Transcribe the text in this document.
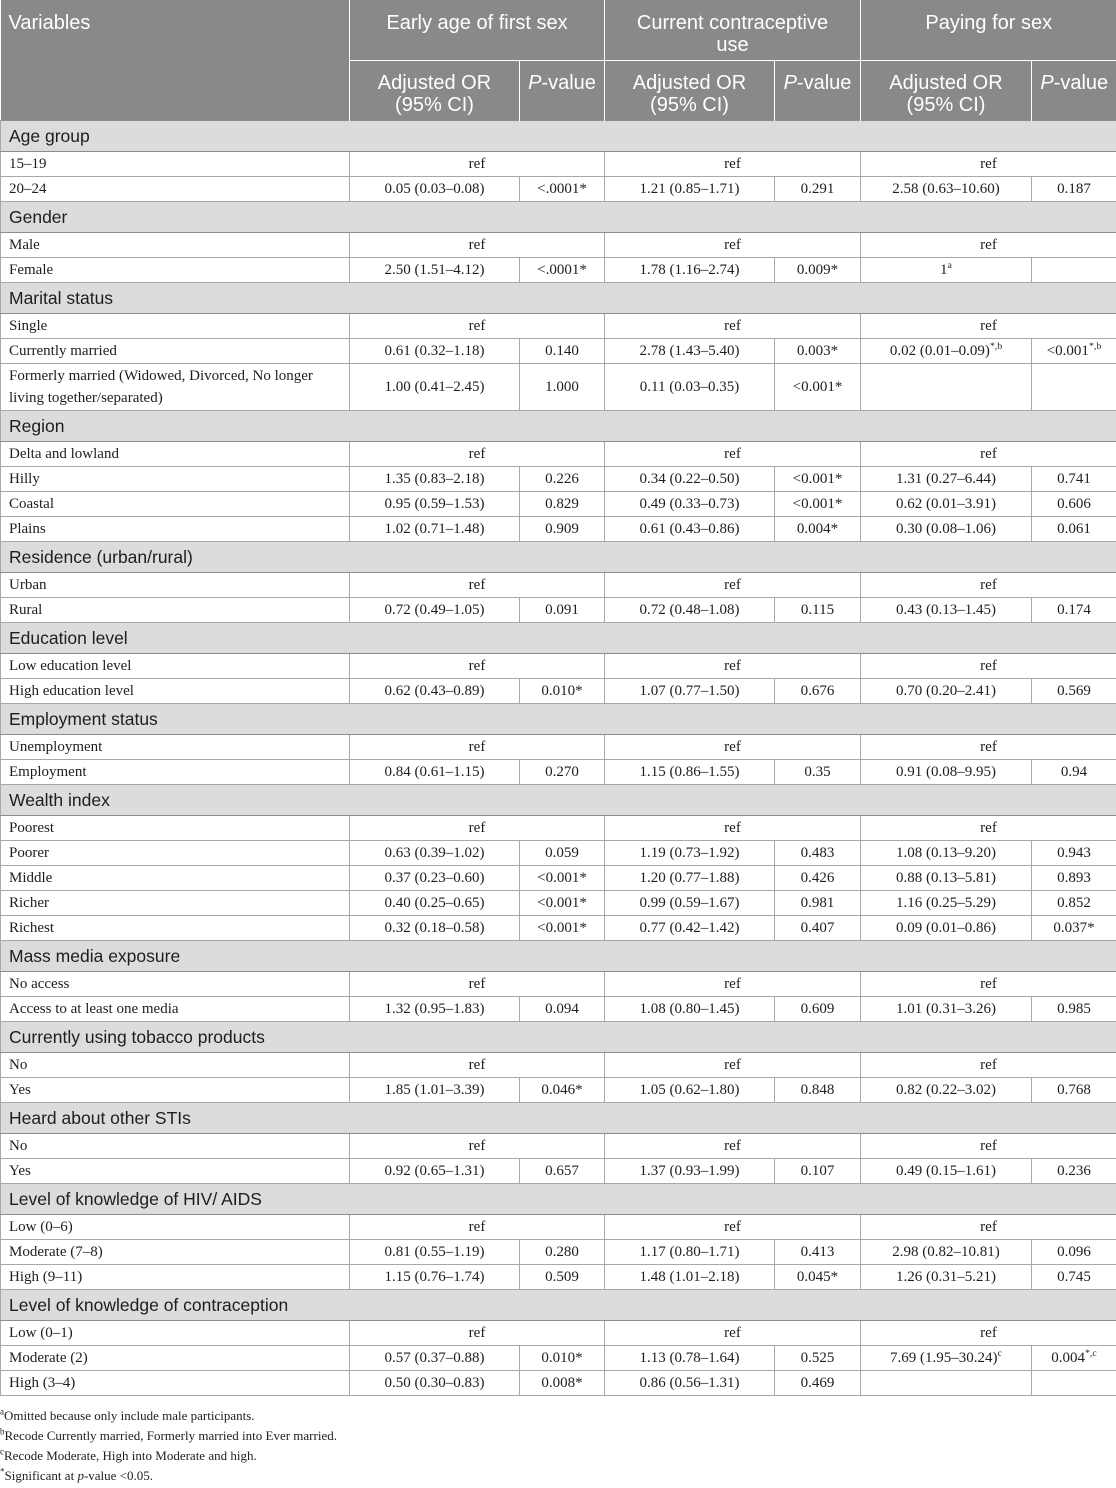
Variables	Early age of first sex		Current contraceptive use		Paying for sex	
	Adjusted OR (95% CI)	P-value	Adjusted OR (95% CI)	P-value	Adjusted OR (95% CI)	P-value
Age group						
15–19	ref		ref		ref	
20–24	0.05 (0.03–0.08)	<.0001*	1.21 (0.85–1.71)	0.291	2.58 (0.63–10.60)	0.187
Gender						
Male	ref		ref		ref	
Female	2.50 (1.51–4.12)	<.0001*	1.78 (1.16–2.74)	0.009*	1$^a$	
Marital status						
Single	ref		ref		ref	
Currently married	0.61 (0.32–1.18)	0.140	2.78 (1.43–5.40)	0.003*	0.02 $(0.01-0.09)^{*,b}$	$<0.001^{*,b}$
Formerly married (Widowed, Divorced, No longer living together/separated)	1.00 (0.41–2.45)	1.000	0.11 (0.03–0.35)	<0.001*		
Region						
Delta and lowland	ref		ref		ref	
Hilly	1.35 (0.83–2.18)	0.226	0.34 (0.22–0.50)	<0.001*	1.31 (0.27–6.44)	0.741
Coastal	0.95 (0.59–1.53)	0.829	0.49 (0.33–0.73)	<0.001*	0.62 (0.01–3.91)	0.606
Plains	1.02 (0.71–1.48)	0.909	0.61 (0.43–0.86)	0.004*	0.30 (0.08–1.06)	0.061
Residence (urban/rural)						
Urban	ref		ref		ref	
Rural	0.72 (0.49–1.05)	0.091	0.72 (0.48–1.08)	0.115	0.43 (0.13–1.45)	0.174
Education level						
Low education level	ref		ref		ref	
High education level	0.62 (0.43–0.89)	0.010*	1.07 (0.77–1.50)	0.676	0.70 (0.20–2.41)	0.569
Employment status						
Unemployment	ref		ref		ref	
Employment	0.84 (0.61–1.15)	0.270	1.15 (0.86–1.55)	0.35	0.91 (0.08–9.95)	0.94
Wealth index						
Poorest	ref		ref		ref	
Poorer	0.63 (0.39–1.02)	0.059	1.19 (0.73–1.92)	0.483	1.08 (0.13–9.20)	0.943
Middle	0.37 (0.23–0.60)	<0.001*	1.20 (0.77–1.88)	0.426	0.88 (0.13–5.81)	0.893
Richer	0.40 (0.25–0.65)	<0.001*	0.99 (0.59–1.67)	0.981	1.16 (0.25–5.29)	0.852
Richest	0.32 (0.18–0.58)	<0.001*	0.77 (0.42–1.42)	0.407	0.09 (0.01–0.86)	0.037*
Mass media exposure						
No access	ref		ref		ref	
Access to at least one media	1.32 (0.95–1.83)	0.094	1.08 (0.80–1.45)	0.609	1.01 (0.31–3.26)	0.985
Currently using tobacco products						
No	ref		ref		ref	
Yes	1.85 (1.01–3.39)	0.046*	1.05 (0.62–1.80)	0.848	0.82 (0.22–3.02)	0.768
Heard about other STIs						
No	ref		ref		ref	
Yes	0.92 (0.65–1.31)	0.657	1.37 (0.93–1.99)	0.107	0.49 (0.15–1.61)	0.236
Level of knowledge of HIV/ AIDS						
Low (0–6)	ref		ref		ref	
Moderate (7–8)	0.81 (0.55–1.19)	0.280	1.17 (0.80–1.71)	0.413	2.98 (0.82–10.81)	0.096
High (9–11)	1.15 (0.76–1.74)	0.509	1.48 (1.01–2.18)	0.045*	1.26 (0.31–5.21)	0.745
Level of knowledge of contraception						
Low (0–1)	ref		ref		ref	
Moderate (2)	0.57 (0.37–0.88)	0.010*	1.13 (0.78–1.64)	0.525	7.69 $(1.95-30.24)^c$	$0.004^{*,c}$
High (3–4)	0.50 (0.30–0.83)	0.008*	0.86 (0.56–1.31)	0.469		
$^a$Omitted because only include male participants.
$^b$Recode Currently married, Formerly married into Ever married.
$^c$Recode Moderate, High into Moderate and high.
*Significant at p-value <0.05.
